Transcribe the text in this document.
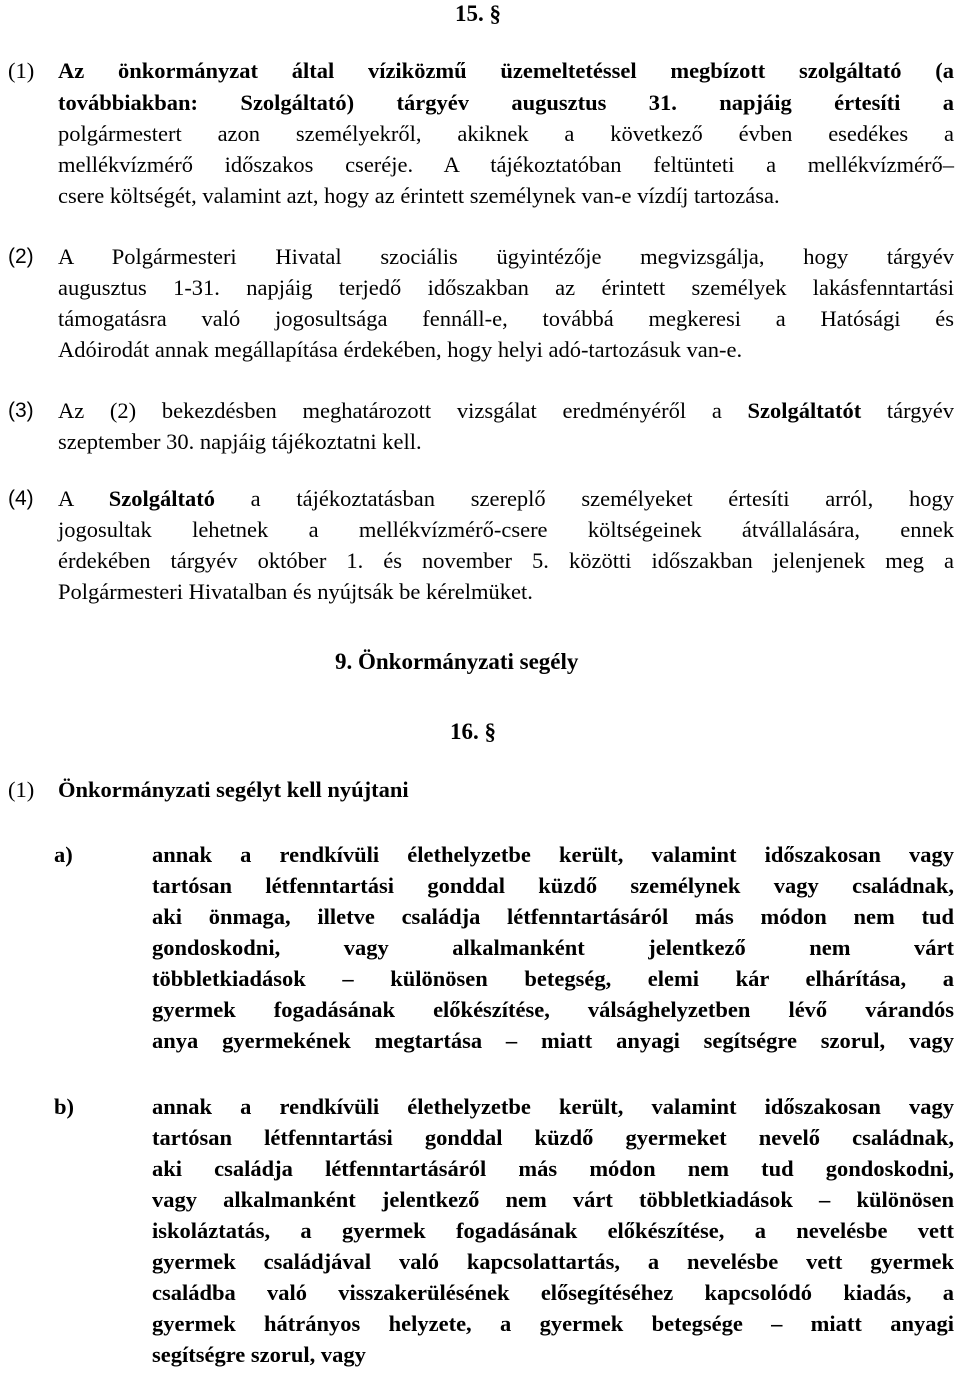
15. §
(1) Az önkormányzat által víziközmű üzemeltetéssel megbízott szolgáltató (a
továbbiakban: Szolgáltató) tárgyév augusztus 31. napjáig értesíti a
polgármestert azon személyekről, akiknek a következő évben esedékes a
mellékvízmérő időszakos cseréje. A tájékoztatóban feltünteti a mellékvízmérő–
csere költségét, valamint azt, hogy az érintett személynek van-e vízdíj tartozása.
(2) A Polgármesteri Hivatal szociális ügyintézője megvizsgálja, hogy tárgyév
augusztus 1-31. napjáig terjedő időszakban az érintett személyek lakásfenntartási
támogatásra való jogosultsága fennáll-e, továbbá megkeresi a Hatósági és
Adóirodát annak megállapítása érdekében, hogy helyi adó-tartozásuk van-e.
(3) Az (2) bekezdésben meghatározott vizsgálat eredményéről a Szolgáltatót tárgyév
szeptember 30. napjáig tájékoztatni kell.
(4) A Szolgáltató a tájékoztatásban szereplő személyeket értesíti arról, hogy
jogosultak lehetnek a mellékvízmérő-csere költségeinek átvállalására, ennek
érdekében tárgyév október 1. és november 5. közötti időszakban jelenjenek meg a
Polgármesteri Hivatalban és nyújtsák be kérelmüket.
9. Önkormányzati segély
16. §
(1) Önkormányzati segélyt kell nyújtani
a)	annak a rendkívüli élethelyzetbe került, valamint időszakosan vagy
tartósan létfenntartási gonddal küzdő személynek vagy családnak,
aki önmaga, illetve családja létfenntartásáról más módon nem tud
gondoskodni, vagy alkalmanként jelentkező nem várt
többletkiadások – különösen betegség, elemi kár elhárítása, a
gyermek fogadásának előkészítése, válsághelyzetben lévő várandós
anya gyermekének megtartása – miatt anyagi segítségre szorul, vagy
b)	annak a rendkívüli élethelyzetbe került, valamint időszakosan vagy
tartósan létfenntartási gonddal küzdő gyermeket nevelő családnak,
aki családja létfenntartásáról más módon nem tud gondoskodni,
vagy alkalmanként jelentkező nem várt többletkiadások – különösen
iskoláztatás, a gyermek fogadásának előkészítése, a nevelésbe vett
gyermek családjával való kapcsolattartás, a nevelésbe vett gyermek
családba való visszakerülésének elősegítéséhez kapcsolódó kiadás, a
gyermek hátrányos helyzete, a gyermek betegsége – miatt anyagi
segítségre szorul, vagy
